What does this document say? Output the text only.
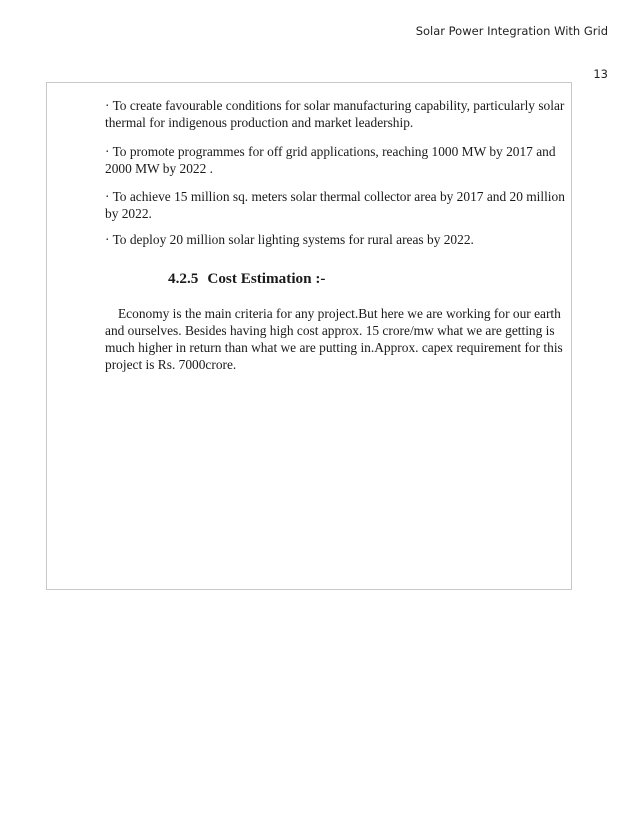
Solar Power Integration With Grid
13

· To create favourable conditions for solar manufacturing capability, particularly solar thermal for indigenous production and market leadership.

· To promote programmes for off grid applications, reaching 1000 MW by 2017 and 2000 MW by 2022 .

· To achieve 15 million sq. meters solar thermal collector area by 2017 and 20 million by 2022.

· To deploy 20 million solar lighting systems for rural areas by 2022.

4.2.5 Cost Estimation :-

Economy is the main criteria for any project.But here we are working for our earth and ourselves. Besides having high cost approx. 15 crore/mw what we are getting is much higher in return than what we are putting in.Approx. capex requirement for this project is Rs. 7000crore.
